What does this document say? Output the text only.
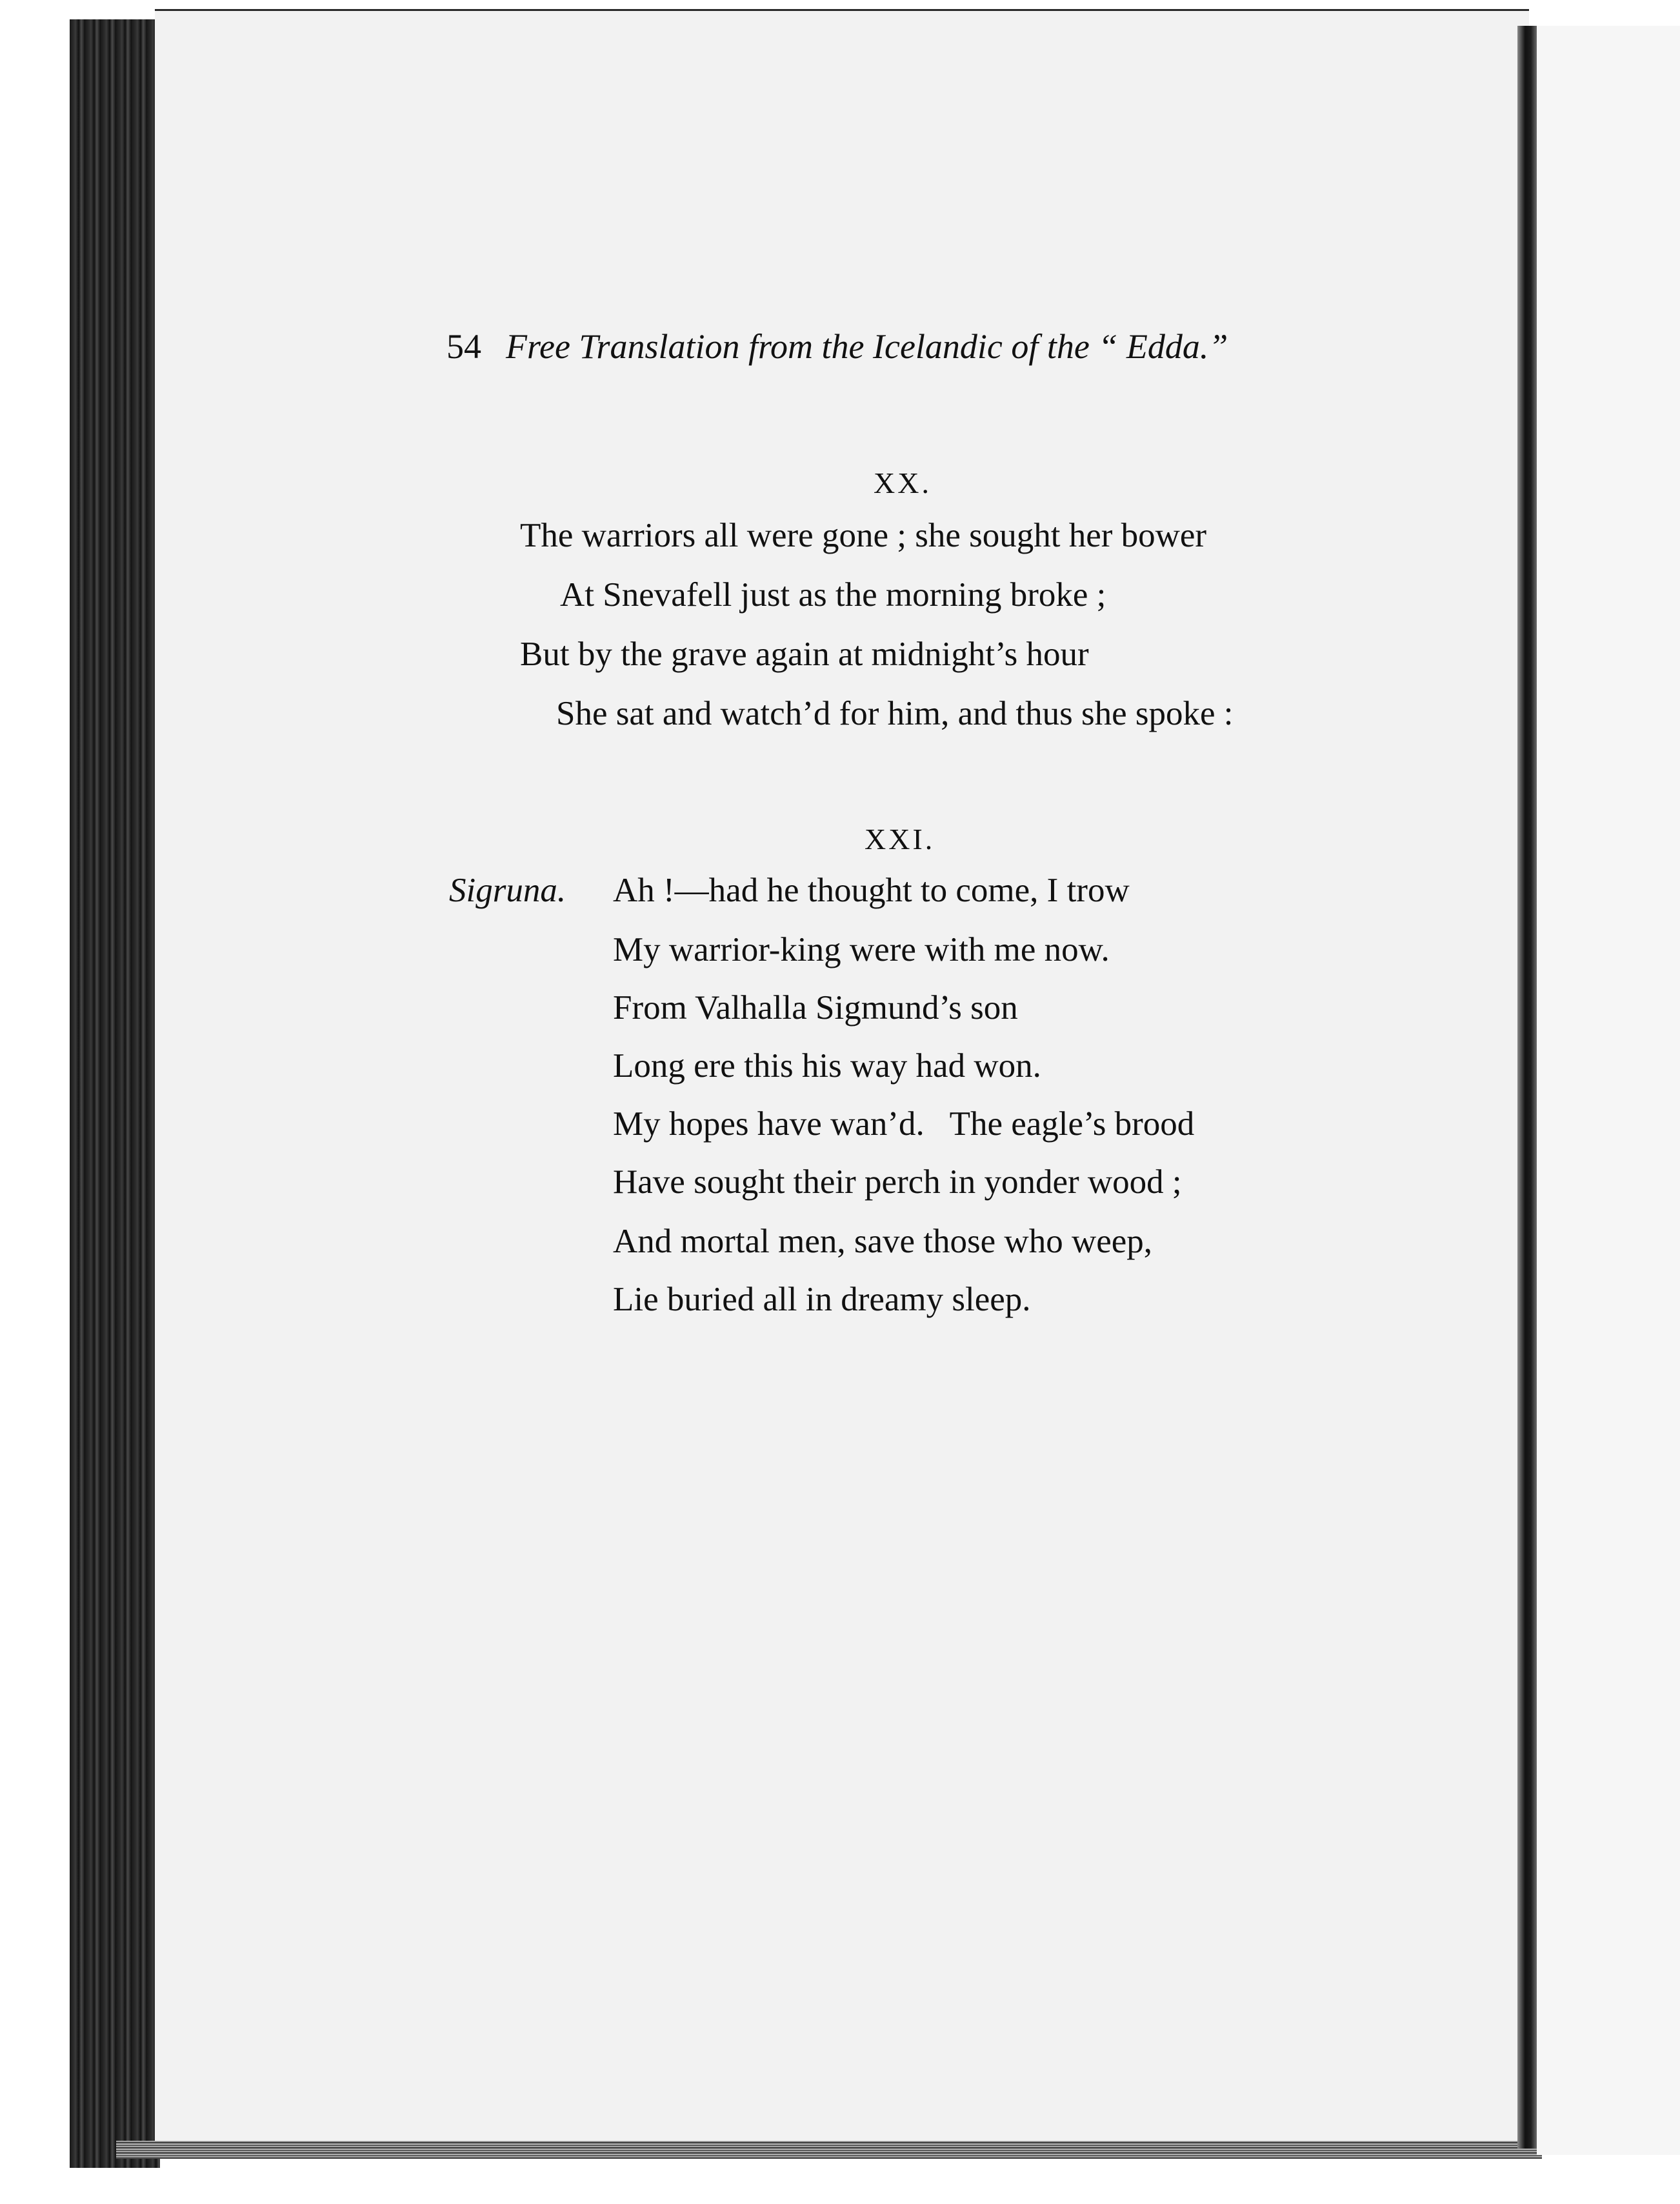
54 Free Translation from the Icelandic of the “ Edda.”
XX.
The warriors all were gone ; she sought her bower
At Snevafell just as the morning broke ;
But by the grave again at midnight’s hour
She sat and watch’d for him, and thus she spoke :
XXI.
Sigruna. Ah !—had he thought to come, I trow
My warrior-king were with me now.
From Valhalla Sigmund’s son
Long ere this his way had won.
My hopes have wan’d.   The eagle’s brood
Have sought their perch in yonder wood ;
And mortal men, save those who weep,
Lie buried all in dreamy sleep.
